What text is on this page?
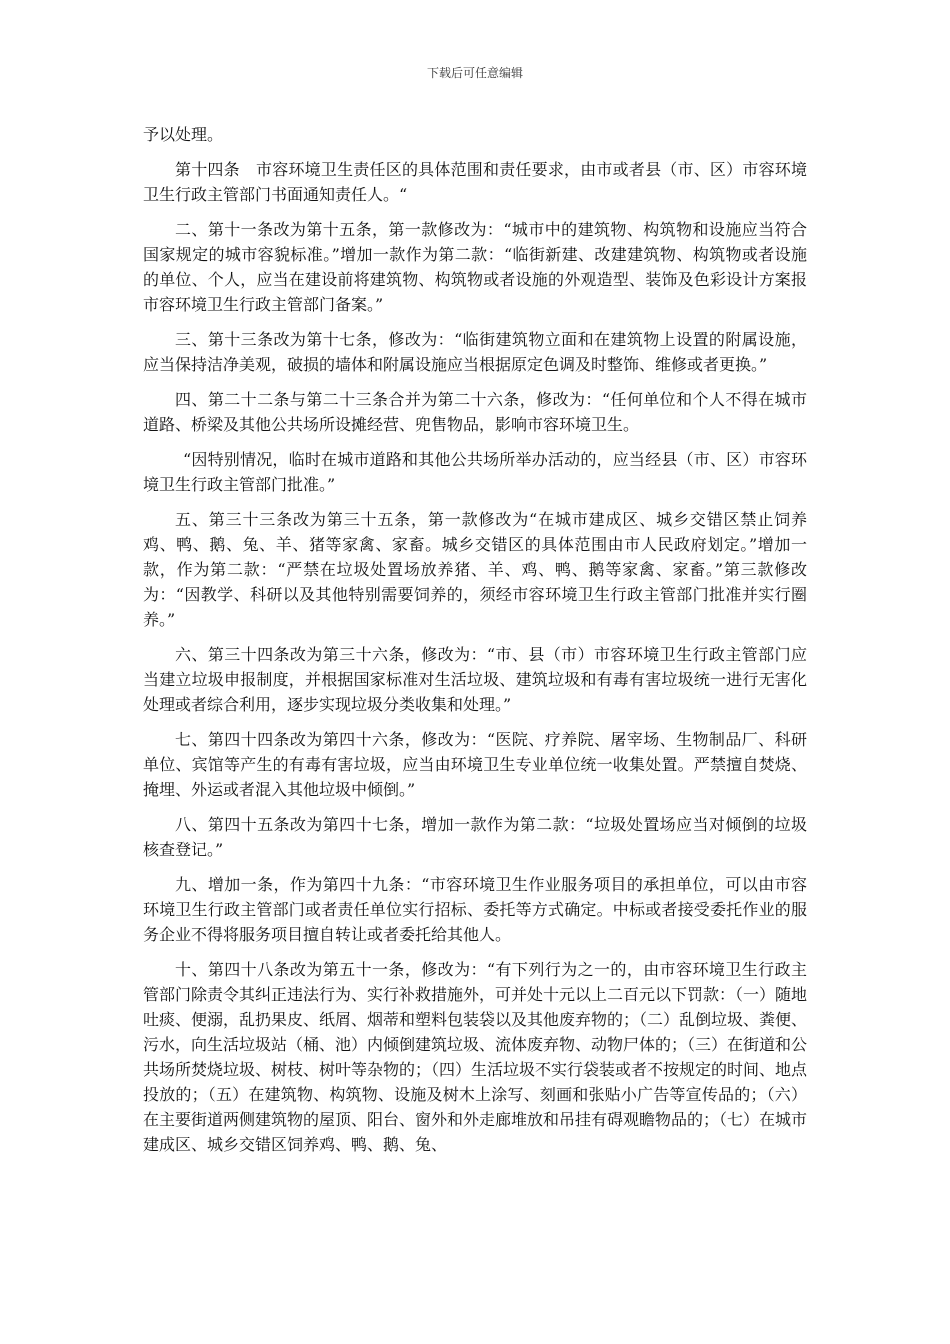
下载后可任意编辑

予以处理。

第十四条　市容环境卫生责任区的具体范围和责任要求，由市或者县（市、区）市容环境卫生行政主管部门书面通知责任人。“

二、第十一条改为第十五条，第一款修改为：“城市中的建筑物、构筑物和设施应当符合国家规定的城市容貌标准。”增加一款作为第二款：“临街新建、改建建筑物、构筑物或者设施的单位、个人，应当在建设前将建筑物、构筑物或者设施的外观造型、装饰及色彩设计方案报市容环境卫生行政主管部门备案。”

三、第十三条改为第十七条，修改为：“临街建筑物立面和在建筑物上设置的附属设施，应当保持洁净美观，破损的墙体和附属设施应当根据原定色调及时整饰、维修或者更换。”

四、第二十二条与第二十三条合并为第二十六条，修改为：“任何单位和个人不得在城市道路、桥梁及其他公共场所设摊经营、兜售物品，影响市容环境卫生。

“因特别情况，临时在城市道路和其他公共场所举办活动的，应当经县（市、区）市容环境卫生行政主管部门批准。”

五、第三十三条改为第三十五条，第一款修改为“在城市建成区、城乡交错区禁止饲养鸡、鸭、鹅、兔、羊、猪等家禽、家畜。城乡交错区的具体范围由市人民政府划定。”增加一款，作为第二款：“严禁在垃圾处置场放养猪、羊、鸡、鸭、鹅等家禽、家畜。”第三款修改为：“因教学、科研以及其他特别需要饲养的，须经市容环境卫生行政主管部门批准并实行圈养。”

六、第三十四条改为第三十六条，修改为：“市、县（市）市容环境卫生行政主管部门应当建立垃圾申报制度，并根据国家标准对生活垃圾、建筑垃圾和有毒有害垃圾统一进行无害化处理或者综合利用，逐步实现垃圾分类收集和处理。”

七、第四十四条改为第四十六条，修改为：“医院、疗养院、屠宰场、生物制品厂、科研单位、宾馆等产生的有毒有害垃圾，应当由环境卫生专业单位统一收集处置。严禁擅自焚烧、掩埋、外运或者混入其他垃圾中倾倒。”

八、第四十五条改为第四十七条，增加一款作为第二款：“垃圾处置场应当对倾倒的垃圾核查登记。”

九、增加一条，作为第四十九条：“市容环境卫生作业服务项目的承担单位，可以由市容环境卫生行政主管部门或者责任单位实行招标、委托等方式确定。中标或者接受委托作业的服务企业不得将服务项目擅自转让或者委托给其他人。

十、第四十八条改为第五十一条，修改为：“有下列行为之一的，由市容环境卫生行政主管部门除责令其纠正违法行为、实行补救措施外，可并处十元以上二百元以下罚款：（一）随地吐痰、便溺，乱扔果皮、纸屑、烟蒂和塑料包装袋以及其他废弃物的；（二）乱倒垃圾、粪便、污水，向生活垃圾站（桶、池）内倾倒建筑垃圾、流体废弃物、动物尸体的；（三）在街道和公共场所焚烧垃圾、树枝、树叶等杂物的；（四）生活垃圾不实行袋装或者不按规定的时间、地点投放的；（五）在建筑物、构筑物、设施及树木上涂写、刻画和张贴小广告等宣传品的；（六）在主要街道两侧建筑物的屋顶、阳台、窗外和外走廊堆放和吊挂有碍观瞻物品的；（七）在城市建成区、城乡交错区饲养鸡、鸭、鹅、兔、
